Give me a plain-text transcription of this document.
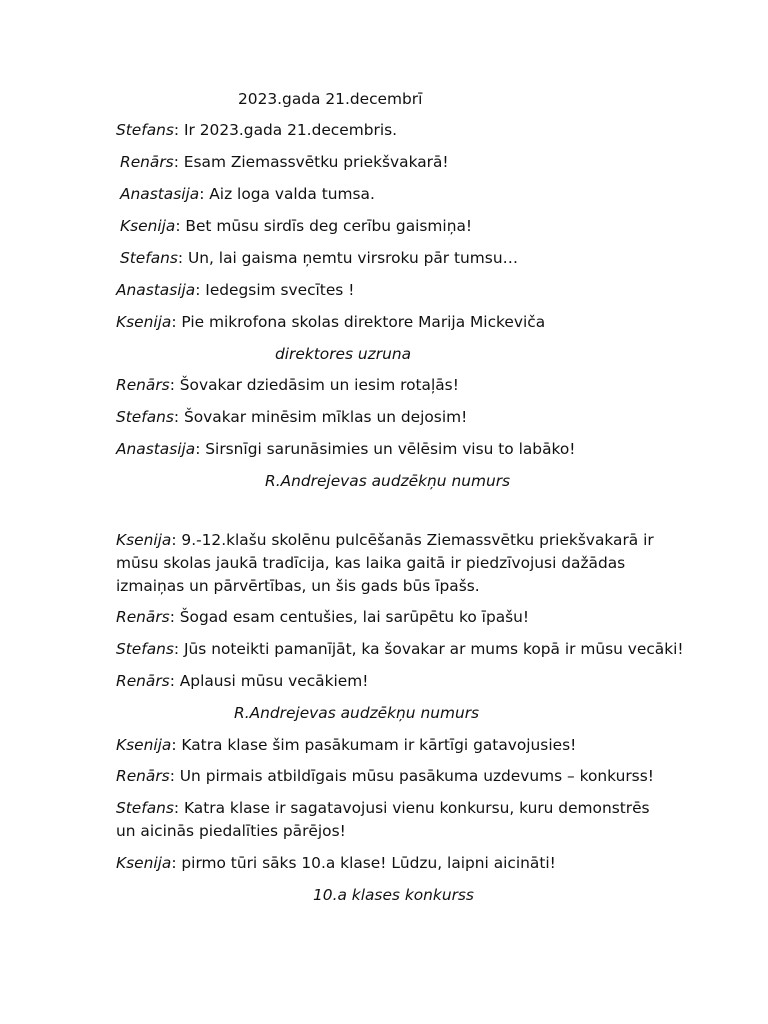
2023.gada 21.decembrī
Stefans: Ir 2023.gada 21.decembris.
Renārs: Esam Ziemassvētku priekšvakarā!
Anastasija: Aiz loga valda tumsa.
Ksenija: Bet mūsu sirdīs deg cerību gaismiņa!
Stefans: Un, lai gaisma ņemtu virsroku pār tumsu…
Anastasija: Iedegsim svecītes !
Ksenija: Pie mikrofona skolas direktore Marija Mickeviča
direktores uzruna
Renārs: Šovakar dziedāsim un iesim rotaļās!
Stefans: Šovakar minēsim mīklas un dejosim!
Anastasija: Sirsnīgi sarunāsimies un vēlēsim visu to labāko!
R.Andrejevas audzēkņu numurs
Ksenija: 9.-12.klašu skolēnu pulcēšanās Ziemassvētku priekšvakarā ir mūsu skolas jaukā tradīcija, kas laika gaitā ir piedzīvojusi dažādas izmaiņas un pārvērtības, un šis gads būs īpašs.
Renārs: Šogad esam centušies, lai sarūpētu ko īpašu!
Stefans: Jūs noteikti pamanījāt, ka šovakar ar mums kopā ir mūsu vecāki!
Renārs: Aplausi mūsu vecākiem!
R.Andrejevas audzēkņu numurs
Ksenija: Katra klase šim pasākumam ir kārtīgi gatavojusies!
Renārs: Un pirmais atbildīgais mūsu pasākuma uzdevums – konkurss!
Stefans: Katra klase ir sagatavojusi vienu konkursu, kuru demonstrēs un aicinās piedalīties pārējos!
Ksenija: pirmo tūri sāks 10.a klase! Lūdzu, laipni aicināti!
10.a klases konkurss
